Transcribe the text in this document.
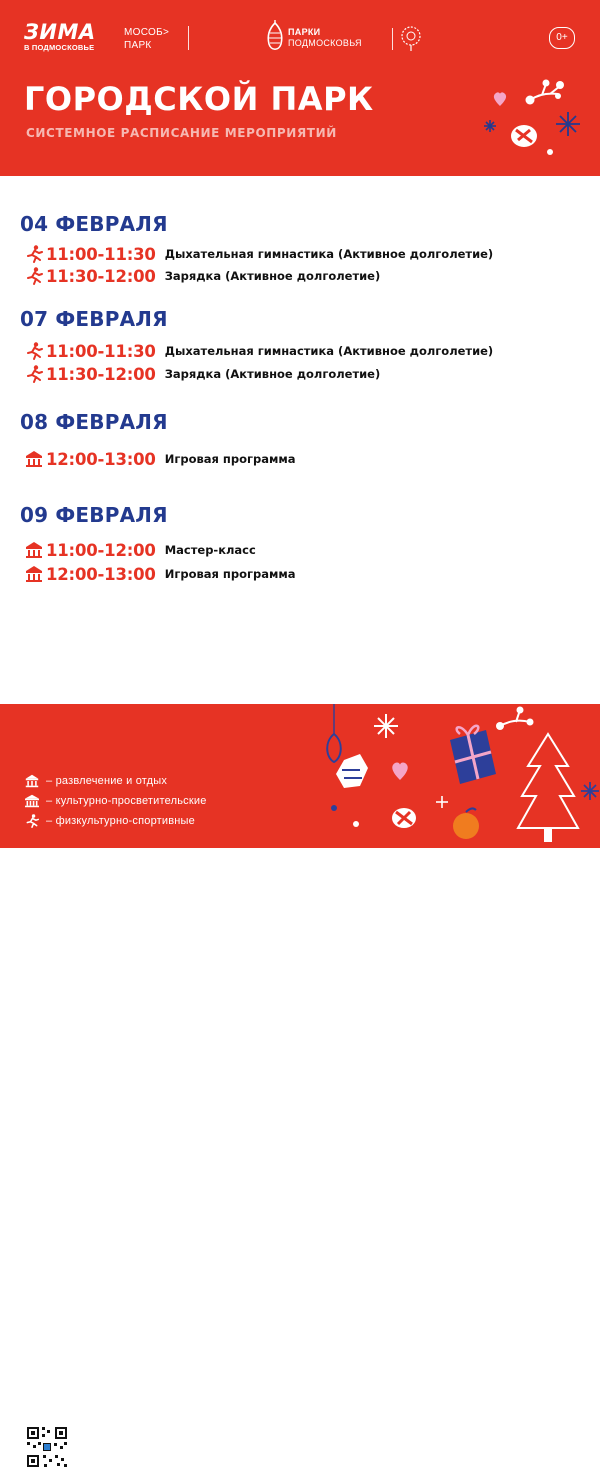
ЗИМА
В ПОДМОСКОВЬЕ
МОСОБ>
ПАРК
ПАРКИ
ПОДМОСКОВЬЯ	0+
ГОРОДСКОЙ ПАРК
СИСТЕМНОЕ РАСПИСАНИЕ МЕРОПРИЯТИЙ
04 ФЕВРАЛЯ
11:00-11:30 Дыхательная гимнастика (Активное долголетие)
11:30-12:00 Зарядка (Активное долголетие)
07 ФЕВРАЛЯ
11:00-11:30 Дыхательная гимнастика (Активное долголетие)
11:30-12:00 Зарядка (Активное долголетие)
08 ФЕВРАЛЯ
12:00-13:00 Игровая программа
09 ФЕВРАЛЯ
11:00-12:00 Мастер-класс
12:00-13:00 Игровая программа
Подробности
на welcome.mosreg.ru
и в Telegram-канале
– развлечение и отдых
– культурно-просветительские
– физкультурно-спортивные
